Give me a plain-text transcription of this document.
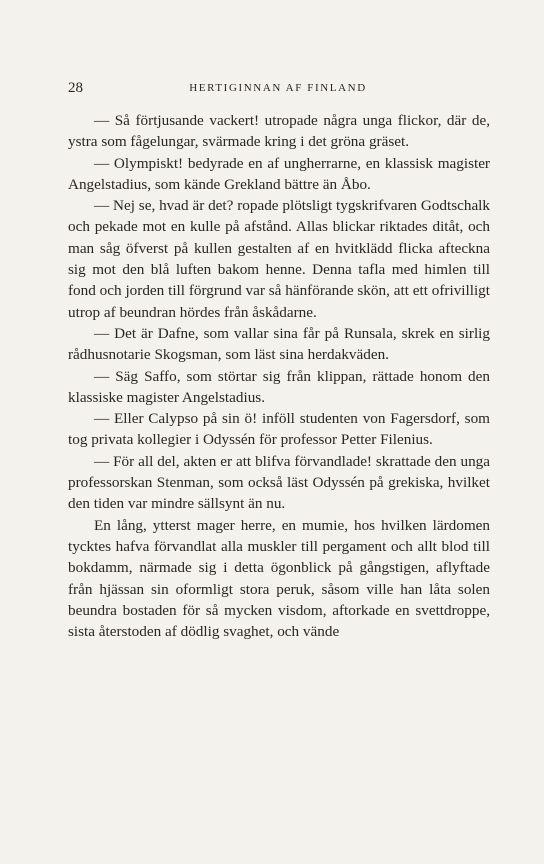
28	HERTIGINNAN AF FINLAND

— Så förtjusande vackert! utropade några unga flickor, där de, ystra som fågelungar, svärmade kring i det gröna gräset.

— Olympiskt! bedyrade en af ungherrarne, en klassisk magister Angelstadius, som kände Grekland bättre än Åbo.

— Nej se, hvad är det? ropade plötsligt tygskrifvaren Godtschalk och pekade mot en kulle på afstånd. Allas blickar riktades ditåt, och man såg öfverst på kullen gestalten af en hvitklädd flicka afteckna sig mot den blå luften bakom henne. Denna tafla med himlen till fond och jorden till förgrund var så hänförande skön, att ett ofrivilligt utrop af beundran hördes från åskådarne.

— Det är Dafne, som vallar sina får på Runsala, skrek en sirlig rådhusnotarie Skogsman, som läst sina herdakväden.

— Säg Saffo, som störtar sig från klippan, rättade honom den klassiske magister Angelstadius.

— Eller Calypso på sin ö! inföll studenten von Fagersdorf, som tog privata kollegier i Odyssén för professor Petter Filenius.

— För all del, akten er att blifva förvandlade! skrattade den unga professorskan Stenman, som också läst Odyssén på grekiska, hvilket den tiden var mindre sällsynt än nu.

En lång, ytterst mager herre, en mumie, hos hvilken lärdomen tycktes hafva förvandlat alla muskler till pergament och allt blod till bokdamm, närmade sig i detta ögonblick på gångstigen, aflyftade från hjässan sin oformligt stora peruk, såsom ville han låta solen beundra bostaden för så mycken visdom, aftorkade en svettdroppe, sista återstoden af dödlig svaghet, och vände
